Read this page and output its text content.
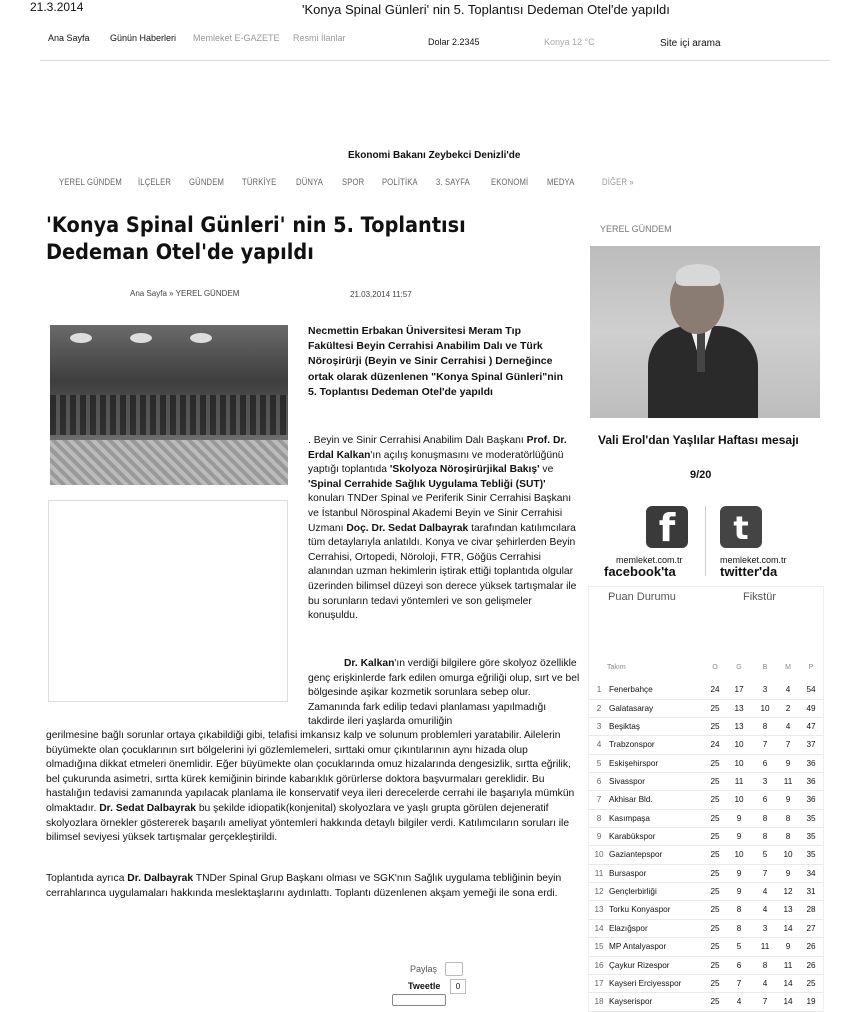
21.3.2014	'Konya Spinal Günleri' nin 5. Toplantısı Dedeman Otel'de yapıldı
Ana Sayfa Günün Haberleri Memleket E-GAZETE Resmi İlanlar	Dolar 2.2345	Konya 12 °C	Site içi arama
Ekonomi Bakanı Zeybekci Denizli'de
YEREL GÜNDEM İLÇELER GÜNDEM TÜRKİYE DÜNYA SPOR POLİTİKA 3. SAYFA EKONOMİ MEDYA	DİĞER »
'Konya Spinal Günleri' nin 5. Toplantısı Dedeman Otel'de yapıldı
Ana Sayfa » YEREL GÜNDEM	21.03.2014 11:57
Necmettin Erbakan Üniversitesi Meram Tıp Fakültesi Beyin Cerrahisi Anabilim Dalı ve Türk Nöroşirürji (Beyin ve Sinir Cerrahisi ) Derneğince ortak olarak düzenlenen "Konya Spinal Günleri"nin 5. Toplantısı Dedeman Otel'de yapıldı
. Beyin ve Sinir Cerrahisi Anabilim Dalı Başkanı Prof. Dr. Erdal Kalkan'ın açılış konuşmasını ve moderatörlüğünü yaptığı toplantıda 'Skolyoza Nöroşirürjikal Bakış' ve 'Spinal Cerrahide Sağlık Uygulama Tebliği (SUT)' konuları TNDer Spinal ve Periferik Sinir Cerrahisi Başkanı ve İstanbul Nörospinal Akademi Beyin ve Sinir Cerrahisi Uzmanı Doç. Dr. Sedat Dalbayrak tarafından katılımcılara tüm detaylarıyla anlatıldı. Konya ve civar şehirlerden Beyin Cerrahisi, Ortopedi, Nöroloji, FTR, Göğüs Cerrahisi alanından uzman hekimlerin iştirak ettiği toplantıda olgular üzerinden bilimsel düzeyi son derece yüksek tartışmalar ile bu sorunların tedavi yöntemleri ve son gelişmeler konuşuldu.
Dr. Kalkan'ın verdiği bilgilere göre skolyoz özellikle genç erişkinlerde fark edilen omurga eğriliği olup, sırt ve bel bölgesinde aşikar kozmetik sorunlara sebep olur. Zamanında fark edilip tedavi planlaması yapılmadığı takdirde ileri yaşlarda omuriliğin
gerilmesine bağlı sorunlar ortaya çıkabildiği gibi, telafisi imkansız kalp ve solunum problemleri yaratabilir. Ailelerin büyümekte olan çocuklarının sırt bölgelerini iyi gözlemlemeleri, sırttaki omur çıkıntılarının aynı hizada olup olmadığına dikkat etmeleri önemlidir. Eğer büyümekte olan çocuklarında omuz hizalarında dengesizlik, sırtta eğrilik, bel çukurunda asimetri, sırtta kürek kemiğinin birinde kabarıklık görürlerse doktora başvurmaları gereklidir. Bu hastalığın tedavisi zamanında yapılacak planlama ile konservatif veya ileri derecelerde cerrahi ile başarıyla mümkün olmaktadır. Dr. Sedat Dalbayrak bu şekilde idiopatik(konjenital) skolyozlara ve yaşlı grupta görülen dejeneratif skolyozlara örnekler göstererek başarılı ameliyat yöntemleri hakkında detaylı bilgiler verdi. Katılımcıların soruları ile bilimsel seviyesi yüksek tartışmalar gerçekleştirildi.
Toplantıda ayrıca Dr. Dalbayrak TNDer Spinal Grup Başkanı olması ve SGK'nın Sağlık uygulama tebliğinin beyin cerrahlarınca uygulamaları hakkında meslektaşlarını aydınlattı. Toplantı düzenlenen akşam yemeği ile sona erdi.
Paylaş
Tweetle	0
YEREL GÜNDEM
Vali Erol'dan Yaşlılar Haftası mesajı
9/20
f	t
memleket.com.tr
facebook'ta
memleket.com.tr
twitter'da
Puan Durumu	Fikstür
Takım	O	G	B	M	P
1 Fenerbahçe	24	17	3	4	54
2 Galatasaray	25	13	10	2	49
3 Beşiktaş	25	13	8	4	47
4 Trabzonspor	24	10	7	7	37
5 Eskişehirspor	25	10	6	9	36
6 Sivasspor	25	11	3	11	36
7 Akhisar Bld.	25	10	6	9	36
8 Kasımpaşa	25	9	8	8	35
9 Karabükspor	25	9	8	8	35
10 Gaziantepspor	25	10	5	10	35
11 Bursaspor	25	9	7	9	34
12 Gençlerbirliği	25	9	4	12	31
13 Torku Konyaspor	25	8	4	13	28
14 Elazığspor	25	8	3	14	27
15 MP Antalyaspor	25	5	11	9	26
16 Çaykur Rizespor	25	6	8	11	26
17 Kayseri Erciyesspor	25	7	4	14	25
18 Kayserispor	25	4	7	14	19
